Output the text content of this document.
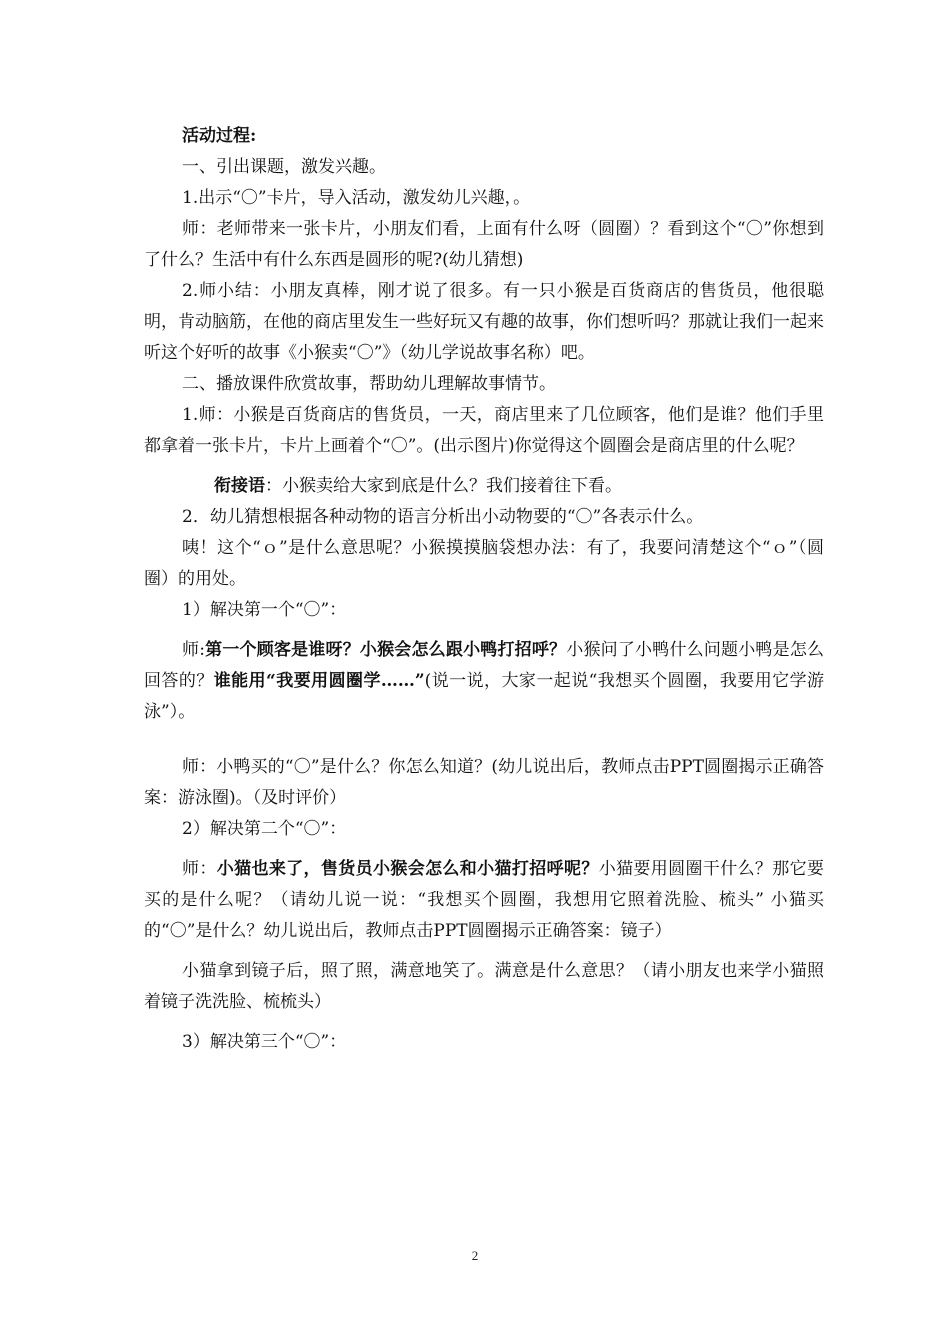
活动过程:

一、引出课题，激发兴趣。

1.出示“〇”卡片，导入活动，激发幼儿兴趣，。

师：老师带来一张卡片，小朋友们看，上面有什么呀（圆圈）？看到这个“〇”你想到了什么？生活中有什么东西是圆形的呢?(幼儿猜想)

2.师小结：小朋友真棒，刚才说了很多。有一只小猴是百货商店的售货员，他很聪明，肯动脑筋，在他的商店里发生一些好玩又有趣的故事，你们想听吗？那就让我们一起来听这个好听的故事《小猴卖“〇”》（幼儿学说故事名称）吧。

二、播放课件欣赏故事，帮助幼儿理解故事情节。

1.师：小猴是百货商店的售货员，一天，商店里来了几位顾客，他们是谁？他们手里都拿着一张卡片，卡片上画着个“〇”。(出示图片)你觉得这个圆圈会是商店里的什么呢？

衔接语：小猴卖给大家到底是什么？我们接着往下看。

2．幼儿猜想根据各种动物的语言分析出小动物要的“〇”各表示什么。

咦！这个“ｏ”是什么意思呢？小猴摸摸脑袋想办法：有了，我要问清楚这个“ｏ”（圆圈）的用处。

1）解决第一个“〇”：

师:第一个顾客是谁呀？小猴会怎么跟小鸭打招呼？小猴问了小鸭什么问题小鸭是怎么回答的？谁能用“我要用圆圈学……”(说一说，大家一起说“我想买个圆圈，我要用它学游泳”）。

师：小鸭买的“〇”是什么？你怎么知道？(幼儿说出后，教师点击PPT圆圈揭示正确答案：游泳圈)。（及时评价）

2）解决第二个“〇”：

师：小猫也来了，售货员小猴会怎么和小猫打招呼呢？小猫要用圆圈干什么？那它要买的是什么呢？（请幼儿说一说：“我想买个圆圈，我想用它照着洗脸、梳头” 小猫买的“〇”是什么？幼儿说出后，教师点击PPT圆圈揭示正确答案：镜子）

小猫拿到镜子后，照了照，满意地笑了。满意是什么意思？（请小朋友也来学小猫照着镜子洗洗脸、梳梳头）

3）解决第三个“〇”：

2
